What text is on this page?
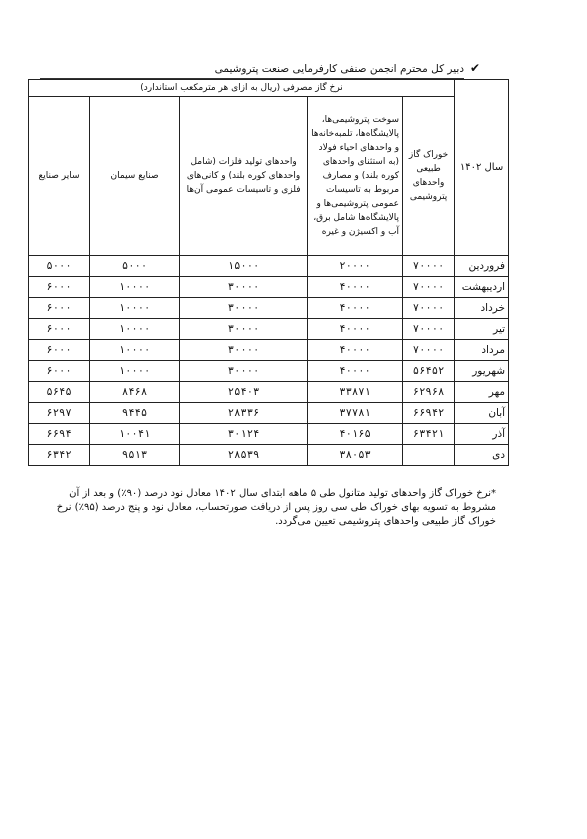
✔
دبیر کل محترم انجمن صنفی کارفرمایی صنعت پتروشیمی
سال ۱۴۰۲	نرخ گاز مصرفی (ریال به ازای هر مترمکعب استاندارد)				
	خوراک گاز طبیعی واحدهای پتروشیمی	سوخت پتروشیمی‌ها، پالایشگاه‌ها، تلمبه‌خانه‌ها و واحدهای احیاء فولاد (به استثنای واحدهای کوره بلند) و مصارف مربوط به تاسیسات عمومی پتروشیمی‌ها و پالایشگاه‌ها شامل برق، آب و اکسیژن و غیره	واحدهای تولید فلزات (شامل واحدهای کوره بلند) و کانی‌های فلزی و تاسیسات عمومی آن‌ها	صنایع سیمان	سایر صنایع
فروردین	۷۰۰۰۰	۲۰۰۰۰	۱۵۰۰۰	۵۰۰۰	۵۰۰۰
اردیبهشت	۷۰۰۰۰	۴۰۰۰۰	۳۰۰۰۰	۱۰۰۰۰	۶۰۰۰
خرداد	۷۰۰۰۰	۴۰۰۰۰	۳۰۰۰۰	۱۰۰۰۰	۶۰۰۰
تیر	۷۰۰۰۰	۴۰۰۰۰	۳۰۰۰۰	۱۰۰۰۰	۶۰۰۰
مرداد	۷۰۰۰۰	۴۰۰۰۰	۳۰۰۰۰	۱۰۰۰۰	۶۰۰۰
شهریور	۵۶۴۵۲	۴۰۰۰۰	۳۰۰۰۰	۱۰۰۰۰	۶۰۰۰
مهر	۶۲۹۶۸	۳۳۸۷۱	۲۵۴۰۳	۸۴۶۸	۵۶۴۵
آبان	۶۶۹۴۲	۳۷۷۸۱	۲۸۳۳۶	۹۴۴۵	۶۲۹۷
آذر	۶۳۴۲۱	۴۰۱۶۵	۳۰۱۲۴	۱۰۰۴۱	۶۶۹۴
دی		۳۸۰۵۳	۲۸۵۳۹	۹۵۱۳	۶۳۴۲
*نرخ خوراک گاز واحدهای تولید متانول طی ۵ ماهه ابتدای سال ۱۴۰۲ معادل نود درصد (۹۰٪) و بعد از آن مشروط به تسویه بهای خوراک طی سی روز پس از دریافت صورتحساب، معادل نود و پنج درصد (۹۵٪) نرخ خوراک گاز طبیعی واحدهای پتروشیمی تعیین می‌گردد.
